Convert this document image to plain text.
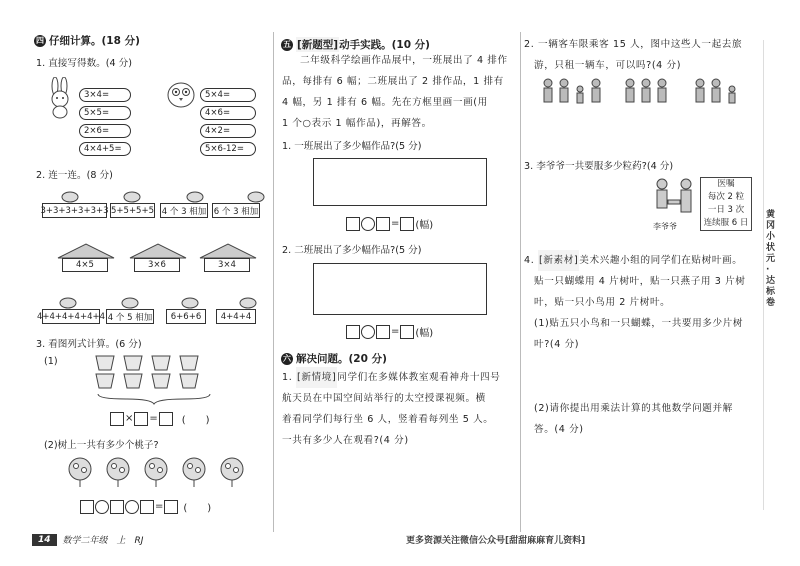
四 仔细计算。(18 分)
1. 直接写得数。(4 分)
3×4=
5×5=
2×6=
4×4+5=
5×4=
4×6=
4×2=
5×6-12=
2. 连一连。(8 分)
3+3+3+3+3+3 5+5+5+5 4 个 3 相加 6 个 3 相加
4×5	3×6	3×4
4+4+4+4+4+4 4 个 5 相加	6+6+6	4+4+4
3. 看图列式计算。(6 分)
(1)
× = (　　)
(2)树上一共有多少个桃子?
= (　　)
五 [新题型]动手实践。(10 分)
二年级科学绘画作品展中，一班展出了 4 排作
品，每排有 6 幅；二班展出了 2 排作品，1 排有
4 幅，另 1 排有 6 幅。先在方框里画一画(用
1 个○表示 1 幅作品)，再解答。
1. 一班展出了多少幅作品?(5 分)
= (幅)
2. 二班展出了多少幅作品?(5 分)
= (幅)
六 解决问题。(20 分)
1. [新情境]同学们在多媒体教室观看神舟十四号
航天员在中国空间站举行的太空授课视频。横
着看同学们每行坐 6 人，竖着看每列坐 5 人。
一共有多少人在观看?(4 分)
2. 一辆客车限乘客 15 人，图中这些人一起去旅
游，只租一辆车，可以吗?(4 分)
3. 李爷爷一共要服多少粒药?(4 分)
李爷爷
医嘱
每次 2 粒
一日 3 次
连续服 6 日
4. [新素材]美术兴趣小组的同学们在贴树叶画。
贴一只蝴蝶用 4 片树叶，贴一只燕子用 3 片树
叶，贴一只小鸟用 2 片树叶。
(1)贴五只小鸟和一只蝴蝶，一共要用多少片树
叶?(4 分)
(2)请你提出用乘法计算的其他数学问题并解
答。(4 分)
黄冈小状元·达标卷
14	数学二年级　上　RJ	更多资源关注微信公众号[甜甜麻麻育儿资料]
